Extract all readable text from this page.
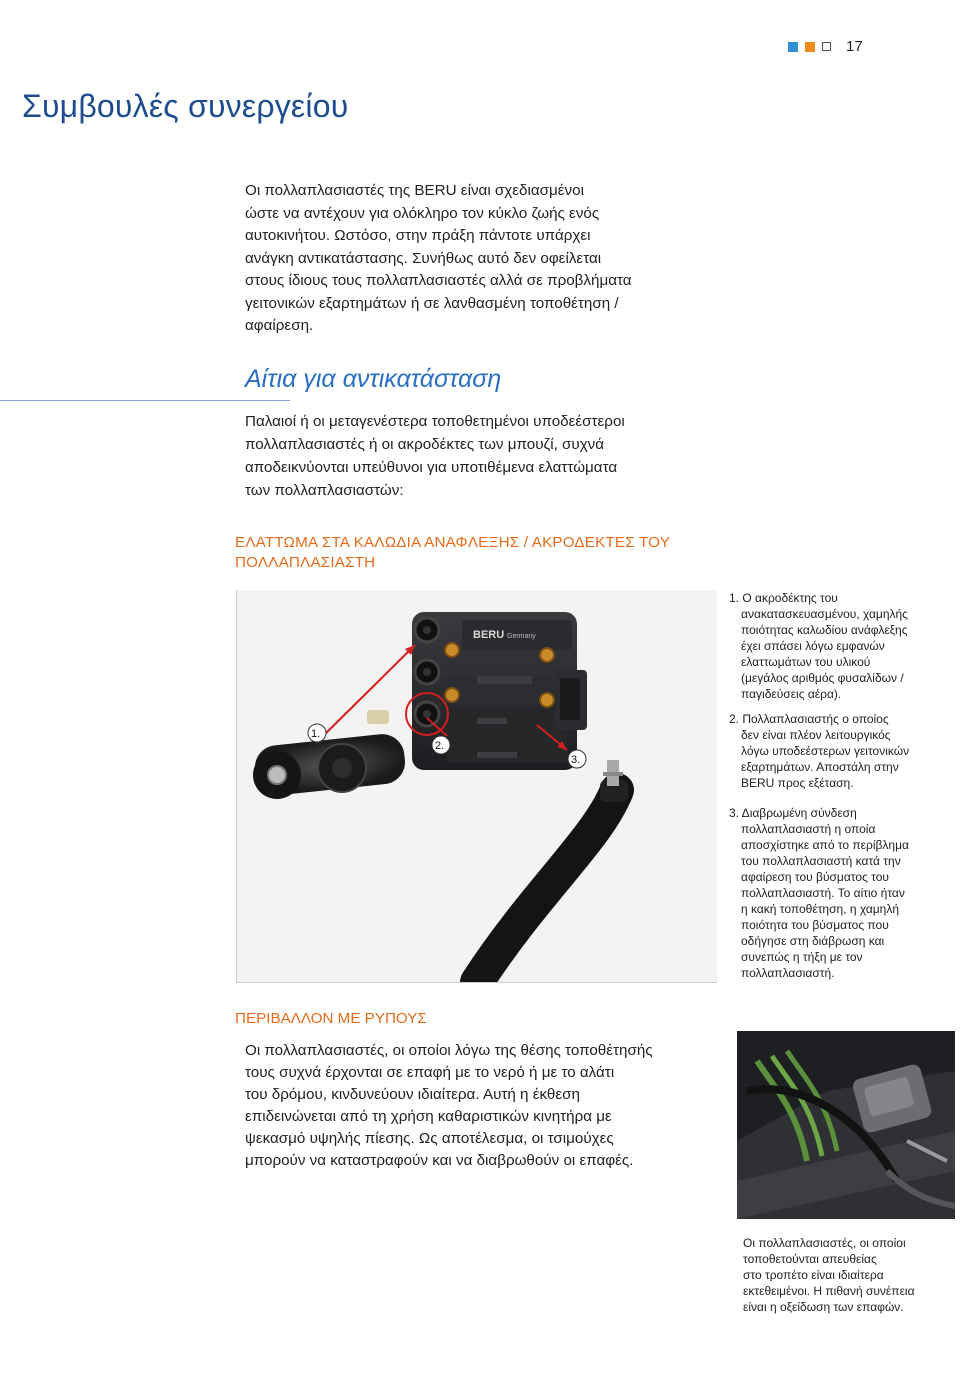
17
Συμβουλές συνεργείου
Οι πολλαπλασιαστές της BERU είναι σχεδιασμένοι
ώστε να αντέχουν για ολόκληρο τον κύκλο ζωής ενός
αυτοκινήτου. Ωστόσο, στην πράξη πάντοτε υπάρχει
ανάγκη αντικατάστασης. Συνήθως αυτό δεν οφείλεται
στους ίδιους τους πολλαπλασιαστές αλλά σε προβλήματα
γειτονικών εξαρτημάτων ή σε λανθασμένη τοποθέτηση /
αφαίρεση.
Αίτια για αντικατάσταση
Παλαιοί ή οι μεταγενέστερα τοποθετημένοι υποδεέστεροι
πολλαπλασιαστές ή οι ακροδέκτες των μπουζί, συχνά
αποδεικνύονται υπεύθυνοι για υποτιθέμενα ελαττώματα
των πολλαπλασιαστών:
ΕΛΑΤΤΩΜΑ ΣΤΑ ΚΑΛΩΔΙΑ ΑΝΑΦΛΕΞΗΣ / ΑΚΡΟΔΕΚΤΕΣ ΤΟΥ
ΠΟΛΛΑΠΛΑΣΙΑΣΤΗ
BERU Germany
1.
2.
3.
1. Ο ακροδέκτης του
ανακατασκευασμένου, χαμηλής
ποιότητας καλωδίου ανάφλεξης
έχει σπάσει λόγω εμφανών
ελαττωμάτων του υλικού
(μεγάλος αριθμός φυσαλίδων /
παγιδεύσεις αέρα).
2. Πολλαπλασιαστής ο οποίος
δεν είναι πλέον λειτουργικός
λόγω υποδεέστερων γειτονικών
εξαρτημάτων. Αποστάλη στην
BERU προς εξέταση.
3. Διαβρωμένη σύνδεση
πολλαπλασιαστή η οποία
αποσχίστηκε από το περίβλημα
του πολλαπλασιαστή κατά την
αφαίρεση του βύσματος του
πολλαπλασιαστή. Το αίτιο ήταν
η κακή τοποθέτηση, η χαμηλή
ποιότητα του βύσματος που
οδήγησε στη διάβρωση και
συνεπώς η τήξη με τον
πολλαπλασιαστή.
ΠΕΡΙΒΑΛΛΟΝ ΜΕ ΡΥΠΟΥΣ
Οι πολλαπλασιαστές, οι οποίοι λόγω της θέσης τοποθέτησής
τους συχνά έρχονται σε επαφή με το νερό ή με το αλάτι
του δρόμου, κινδυνεύουν ιδιαίτερα. Αυτή η έκθεση
επιδεινώνεται από τη χρήση καθαριστικών κινητήρα με
ψεκασμό υψηλής πίεσης. Ως αποτέλεσμα, οι τσιμούχες
μπορούν να καταστραφούν και να διαβρωθούν οι επαφές.
Οι πολλαπλασιαστές, οι οποίοι
τοποθετούνται απευθείας
στο τροπέτο είναι ιδιαίτερα
εκτεθειμένοι. Η πιθανή συνέπεια
είναι η οξείδωση των επαφών.
